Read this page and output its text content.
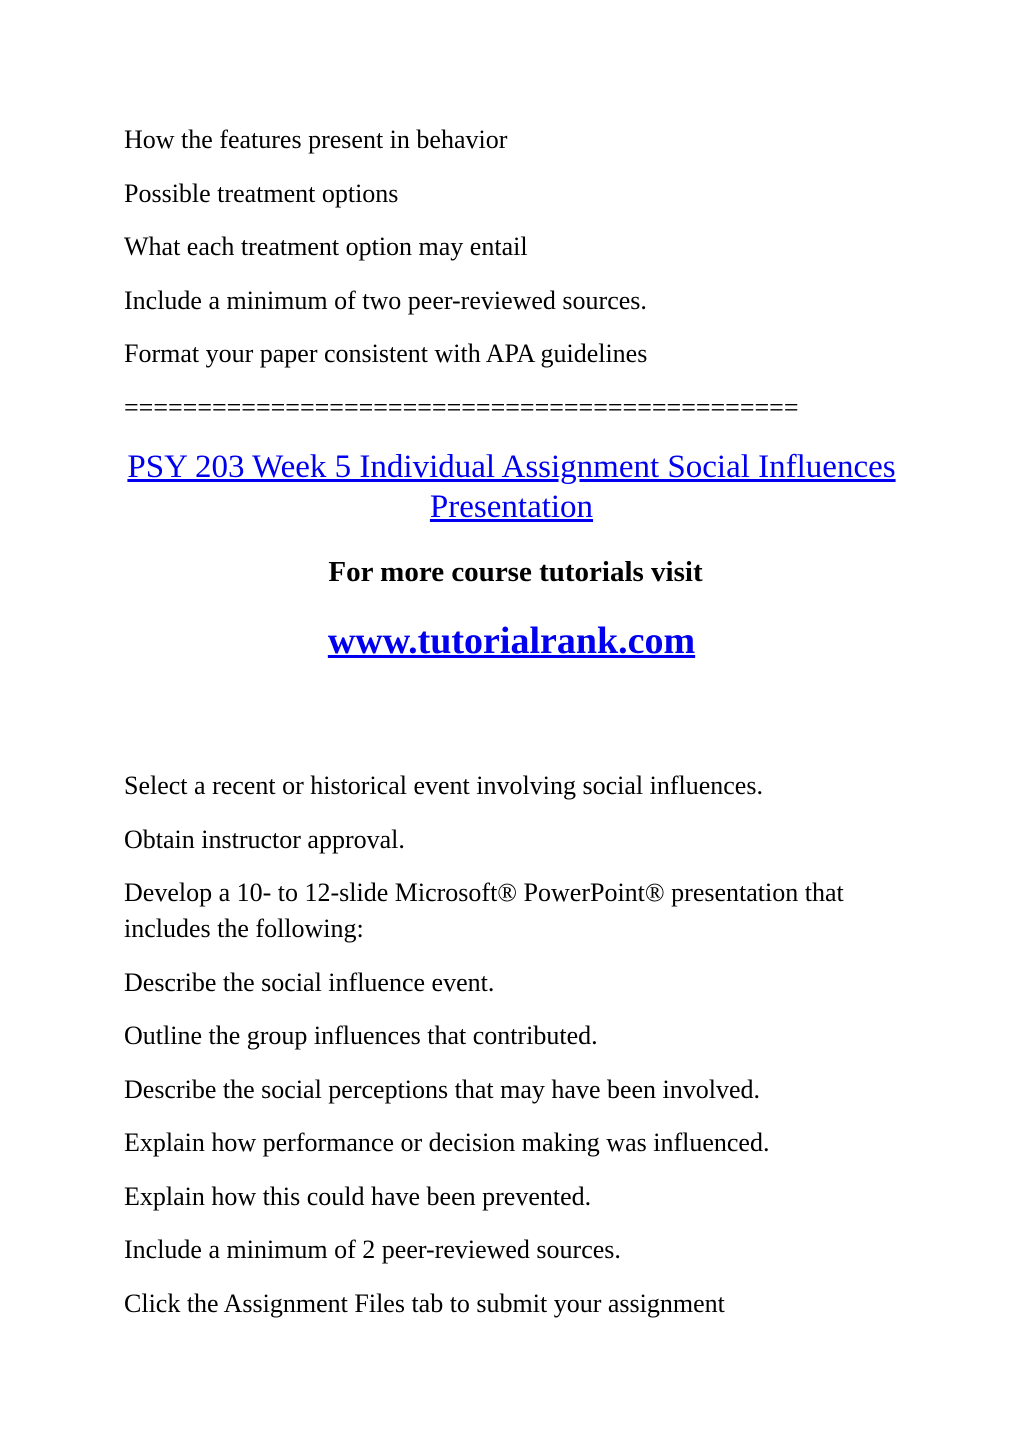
How the features present in behavior

Possible treatment options

What each treatment option may entail

Include a minimum of two peer-reviewed sources.

Format your paper consistent with APA guidelines

==============================================

PSY 203 Week 5 Individual Assignment Social Influences Presentation

For more course tutorials visit

www.tutorialrank.com

Select a recent or historical event involving social influences.

Obtain instructor approval.

Develop a 10- to 12-slide Microsoft® PowerPoint® presentation that includes the following:

Describe the social influence event.

Outline the group influences that contributed.

Describe the social perceptions that may have been involved.

Explain how performance or decision making was influenced.

Explain how this could have been prevented.

Include a minimum of 2 peer-reviewed sources.

Click the Assignment Files tab to submit your assignment
